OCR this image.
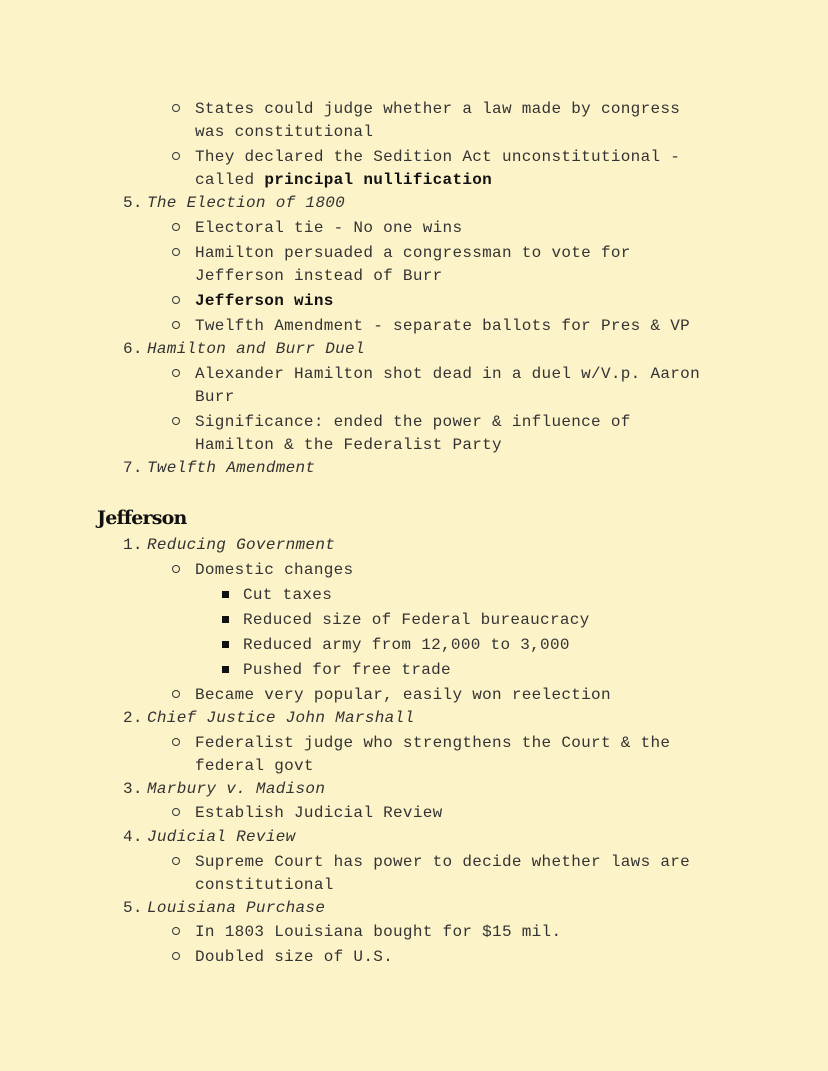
States could judge whether a law made by congress
was constitutional
They declared the Sedition Act unconstitutional -
called principal nullification
5. The Election of 1800
Electoral tie - No one wins
Hamilton persuaded a congressman to vote for
Jefferson instead of Burr
Jefferson wins
Twelfth Amendment - separate ballots for Pres & VP
6. Hamilton and Burr Duel
Alexander Hamilton shot dead in a duel w/V.p. Aaron
Burr
Significance: ended the power & influence of
Hamilton & the Federalist Party
7. Twelfth Amendment
Jefferson
1. Reducing Government
Domestic changes
Cut taxes
Reduced size of Federal bureaucracy
Reduced army from 12,000 to 3,000
Pushed for free trade
Became very popular, easily won reelection
2. Chief Justice John Marshall
Federalist judge who strengthens the Court & the
federal govt
3. Marbury v. Madison
Establish Judicial Review
4. Judicial Review
Supreme Court has power to decide whether laws are
constitutional
5. Louisiana Purchase
In 1803 Louisiana bought for $15 mil.
Doubled size of U.S.
